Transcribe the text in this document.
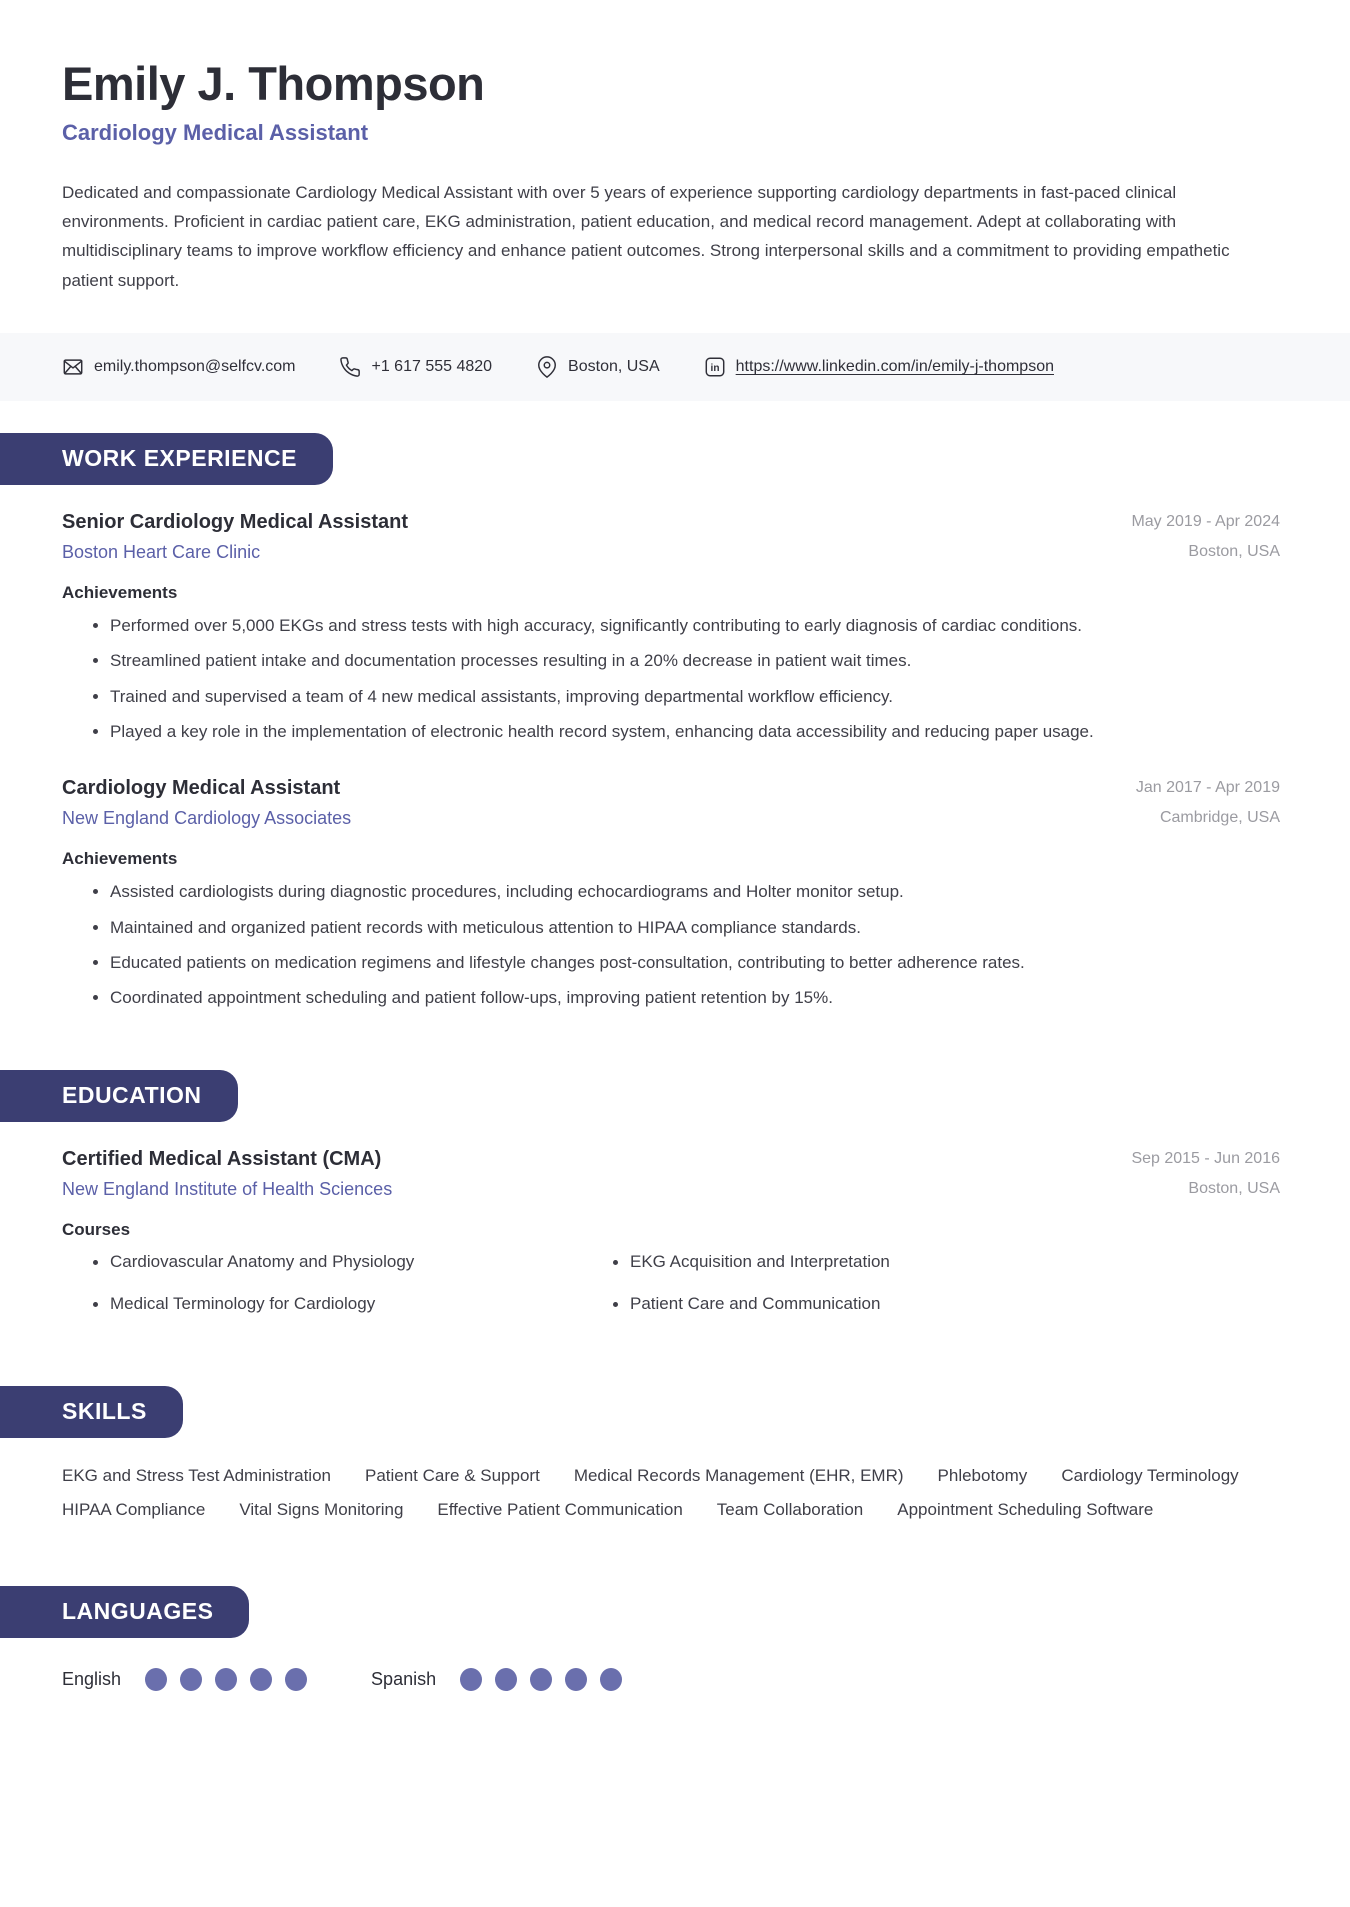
Emily J. Thompson
Cardiology Medical Assistant

Dedicated and compassionate Cardiology Medical Assistant with over 5 years of experience supporting cardiology departments in fast-paced clinical environments. Proficient in cardiac patient care, EKG administration, patient education, and medical record management. Adept at collaborating with multidisciplinary teams to improve workflow efficiency and enhance patient outcomes. Strong interpersonal skills and a commitment to providing empathetic patient support.

emily.thompson@selfcv.com	+1 617 555 4820	Boston, USA	in https://www.linkedin.com/in/emily-j-thompson
WORK EXPERIENCE
Senior Cardiology Medical Assistant
Boston Heart Care Clinic
May 2019 - Apr 2024
Boston, USA
Achievements
Performed over 5,000 EKGs and stress tests with high accuracy, significantly contributing to early diagnosis of cardiac conditions.
Streamlined patient intake and documentation processes resulting in a 20% decrease in patient wait times.
Trained and supervised a team of 4 new medical assistants, improving departmental workflow efficiency.
Played a key role in the implementation of electronic health record system, enhancing data accessibility and reducing paper usage.
Cardiology Medical Assistant
New England Cardiology Associates
Jan 2017 - Apr 2019
Cambridge, USA
Achievements
Assisted cardiologists during diagnostic procedures, including echocardiograms and Holter monitor setup.
Maintained and organized patient records with meticulous attention to HIPAA compliance standards.
Educated patients on medication regimens and lifestyle changes post-consultation, contributing to better adherence rates.
Coordinated appointment scheduling and patient follow-ups, improving patient retention by 15%.
EDUCATION
Certified Medical Assistant (CMA)
New England Institute of Health Sciences
Sep 2015 - Jun 2016
Boston, USA
Courses
Cardiovascular Anatomy and Physiology	EKG Acquisition and Interpretation
Medical Terminology for Cardiology	Patient Care and Communication
SKILLS
EKG and Stress Test Administration Patient Care & Support Medical Records Management (EHR, EMR) Phlebotomy Cardiology Terminology
HIPAA Compliance Vital Signs Monitoring Effective Patient Communication Team Collaboration Appointment Scheduling Software
LANGUAGES
English	Spanish
